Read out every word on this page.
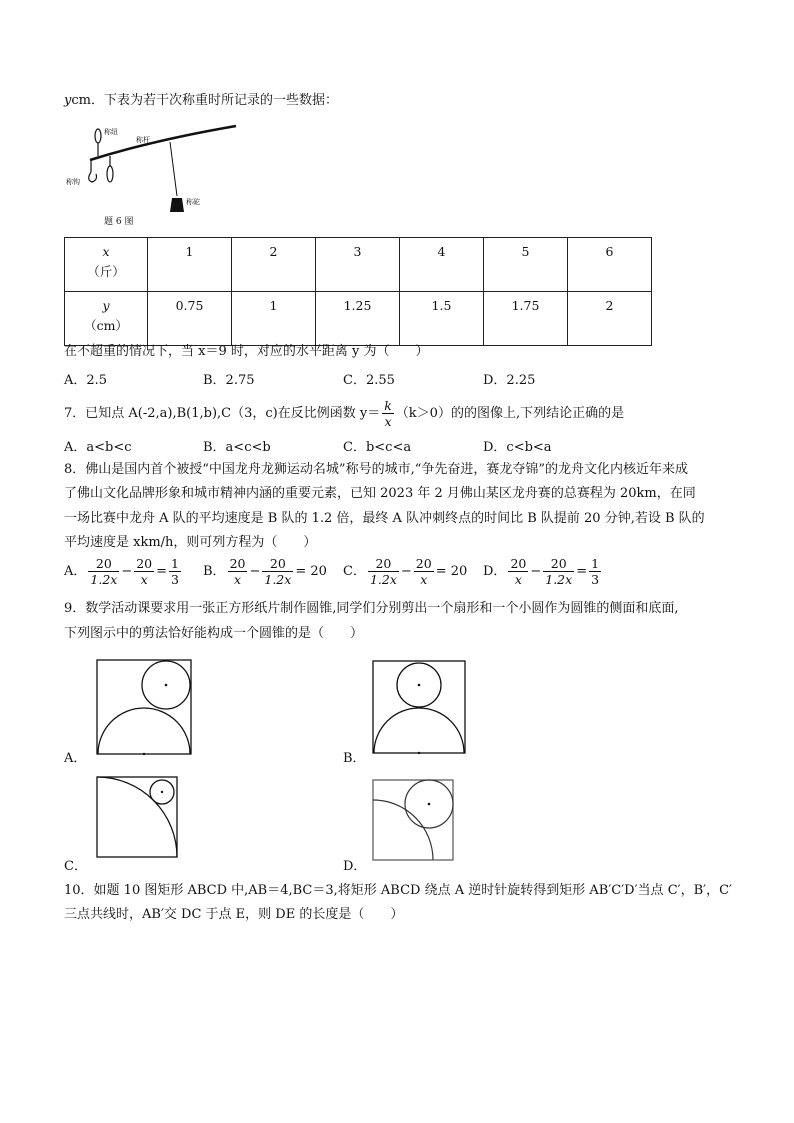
ycm．下表为若干次称重时所记录的一些数据：
称纽
称杆
称钩
称砣
题 6 图
x
（斤）	1	2	3	4	5	6
y
（cm）	0.75	1	1.25	1.5	1.75	2
在不超重的情况下，当 x＝9 时，对应的水平距离 y 为（　　）
A．2.5	B．2.75	C．2.55	D．2.25
7．已知点 A(-2,a),B(1,b),C（3，c)在反比例函数 $y= \frac{k}{x} (k>0)$的的图像上,下列结论正确的是
A．a<b<c	B．a<c<b	C．b<c<a	D．c<b<a
8．佛山是国内首个被授“中国龙舟龙狮运动名城”称号的城市,“争先奋进，赛龙夺锦”的龙舟文化内核近年来成
了佛山文化品牌形象和城市精神内涵的重要元素，已知 2023 年 2 月佛山某区龙舟赛的总赛程为 20km，在同
一场比赛中龙舟 A 队的平均速度是 B 队的 1.2 倍，最终 A 队冲刺终点的时间比 B 队提前 20 分钟,若设 B 队的
平均速度是 xkm/h，则可列方程为（　　）
A． $\frac{20}{1.2x} - \frac{20}{x} = \frac{1}{3}$ B． $\frac{20}{x} - \frac{20}{1.2x} = 20$ C． $\frac{20}{1.2x} - \frac{20}{x} = 20$ D． $\frac{20}{x} - \frac{20}{1.2x} = \frac{1}{3}$
9．数学活动课要求用一张正方形纸片制作圆锥,同学们分别剪出一个扇形和一个小圆作为圆锥的侧面和底面,
下列图示中的剪法恰好能构成一个圆锥的是（　　）
A．	B．
C．	D．
10．如题 10 图矩形 ABCD 中,AB＝4,BC＝3,将矩形 ABCD 绕点 A 逆时针旋转得到矩形 AB′C′D′当点 C′，B′，C′
三点共线时，AB′交 DC 于点 E，则 DE 的长度是（　　）
